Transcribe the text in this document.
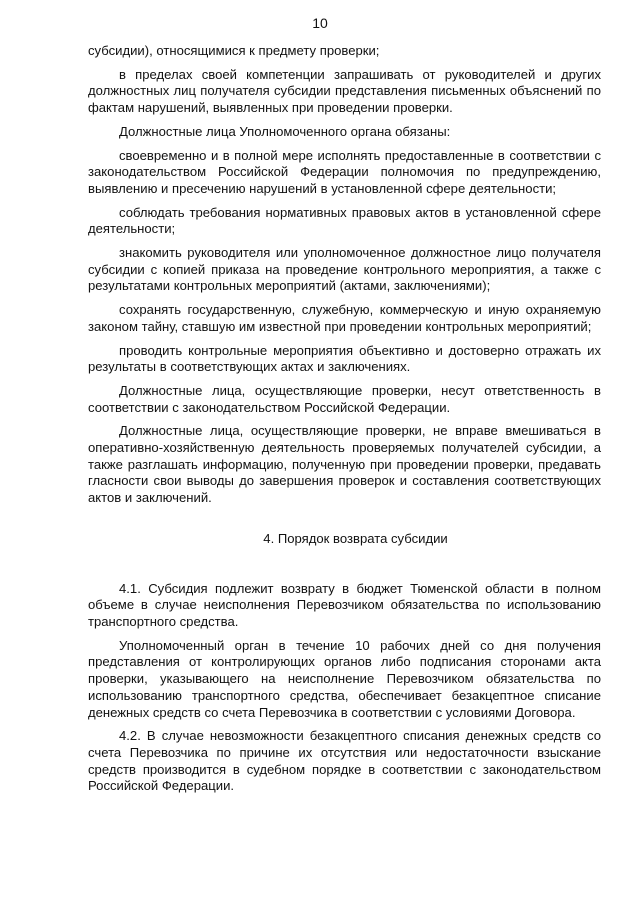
10

субсидии), относящимися к предмету проверки;

в пределах своей компетенции запрашивать от руководителей и других должностных лиц получателя субсидии представления письменных объяснений по фактам нарушений, выявленных при проведении проверки.

Должностные лица Уполномоченного органа обязаны:

своевременно и в полной мере исполнять предоставленные в соответствии с законодательством Российской Федерации полномочия по предупреждению, выявлению и пресечению нарушений в установленной сфере деятельности;

соблюдать требования нормативных правовых актов в установленной сфере деятельности;

знакомить руководителя или уполномоченное должностное лицо получателя субсидии с копией приказа на проведение контрольного мероприятия, а также с результатами контрольных мероприятий (актами, заключениями);

сохранять государственную, служебную, коммерческую и иную охраняемую законом тайну, ставшую им известной при проведении контрольных мероприятий;

проводить контрольные мероприятия объективно и достоверно отражать их результаты в соответствующих актах и заключениях.

Должностные лица, осуществляющие проверки, несут ответственность в соответствии с законодательством Российской Федерации.

Должностные лица, осуществляющие проверки, не вправе вмешиваться в оперативно-хозяйственную деятельность проверяемых получателей субсидии, а также разглашать информацию, полученную при проведении проверки, предавать гласности свои выводы до завершения проверок и составления соответствующих актов и заключений.

4. Порядок возврата субсидии

4.1. Субсидия подлежит возврату в бюджет Тюменской области в полном объеме в случае неисполнения Перевозчиком обязательства по использованию транспортного средства.

Уполномоченный орган в течение 10 рабочих дней со дня получения представления от контролирующих органов либо подписания сторонами акта проверки, указывающего на неисполнение Перевозчиком обязательства по использованию транспортного средства, обеспечивает безакцептное списание денежных средств со счета Перевозчика в соответствии с условиями Договора.

4.2. В случае невозможности безакцептного списания денежных средств со счета Перевозчика по причине их отсутствия или недостаточности взыскание средств производится в судебном порядке в соответствии с законодательством Российской Федерации.
